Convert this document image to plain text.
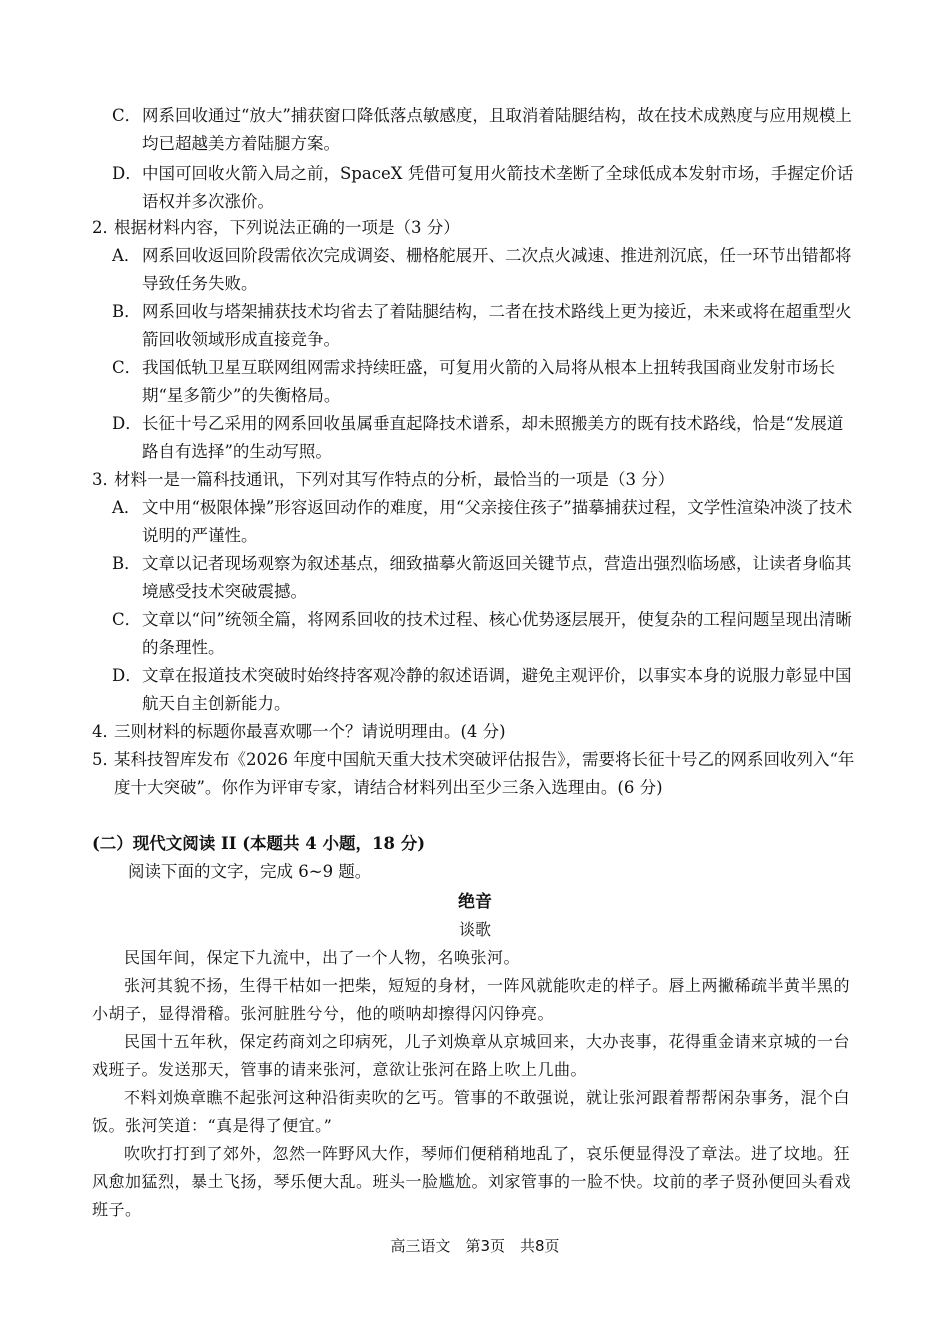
C． 网系回收通过“放大”捕获窗口降低落点敏感度，且取消着陆腿结构，故在技术成熟度与应用规模上均已超越美方着陆腿方案。

D． 中国可回收火箭入局之前，SpaceX 凭借可复用火箭技术垄断了全球低成本发射市场，手握定价话语权并多次涨价。

2．
根据材料内容，下列说法正确的一项是（3 分）

A． 网系回收返回阶段需依次完成调姿、栅格舵展开、二次点火减速、推进剂沉底，任一环节出错都将导致任务失败。

B． 网系回收与塔架捕获技术均省去了着陆腿结构，二者在技术路线上更为接近，未来或将在超重型火箭回收领域形成直接竞争。

C． 我国低轨卫星互联网组网需求持续旺盛，可复用火箭的入局将从根本上扭转我国商业发射市场长期“星多箭少”的失衡格局。

D． 长征十号乙采用的网系回收虽属垂直起降技术谱系，却未照搬美方的既有技术路线，恰是“发展道路自有选择”的生动写照。

3．
材料一是一篇科技通讯，下列对其写作特点的分析，最恰当的一项是（3 分）

A． 文中用“极限体操”形容返回动作的难度，用“父亲接住孩子”描摹捕获过程，文学性渲染冲淡了技术说明的严谨性。

B． 文章以记者现场观察为叙述基点，细致描摹火箭返回关键节点，营造出强烈临场感，让读者身临其境感受技术突破震撼。

C． 文章以“问”统领全篇，将网系回收的技术过程、核心优势逐层展开，使复杂的工程问题呈现出清晰的条理性。

D． 文章在报道技术突破时始终持客观冷静的叙述语调，避免主观评价，以事实本身的说服力彰显中国航天自主创新能力。

4．
三则材料的标题你最喜欢哪一个？请说明理由。(4 分)

5．
某科技智库发布《2026 年度中国航天重大技术突破评估报告》，需要将长征十号乙的网系回收列入“年度十大突破”。你作为评审专家，请结合材料列出至少三条入选理由。(6 分)

(二）现代文阅读 II (本题共 4 小题，18 分)
阅读下面的文字，完成 6~9 题。
绝音
谈歌

民国年间，保定下九流中，出了一个人物，名唤张河。

张河其貌不扬，生得干枯如一把柴，短短的身材，一阵风就能吹走的样子。唇上两撇稀疏半黄半黑的小胡子，显得滑稽。张河脏胜兮兮，他的唢呐却擦得闪闪铮亮。

民国十五年秋，保定药商刘之印病死，儿子刘焕章从京城回来，大办丧事，花得重金请来京城的一台戏班子。发送那天，管事的请来张河，意欲让张河在路上吹上几曲。

不料刘焕章瞧不起张河这种沿街卖吹的乞丐。管事的不敢强说，就让张河跟着帮帮闲杂事务，混个白饭。张河笑道：“真是得了便宜。”

吹吹打打到了郊外，忽然一阵野风大作，琴师们便稍稍地乱了，哀乐便显得没了章法。进了坟地。狂风愈加猛烈，暴土飞扬，琴乐便大乱。班头一脸尴尬。刘家管事的一脸不快。坟前的孝子贤孙便回头看戏班子。

高三语文　第3页　共8页
